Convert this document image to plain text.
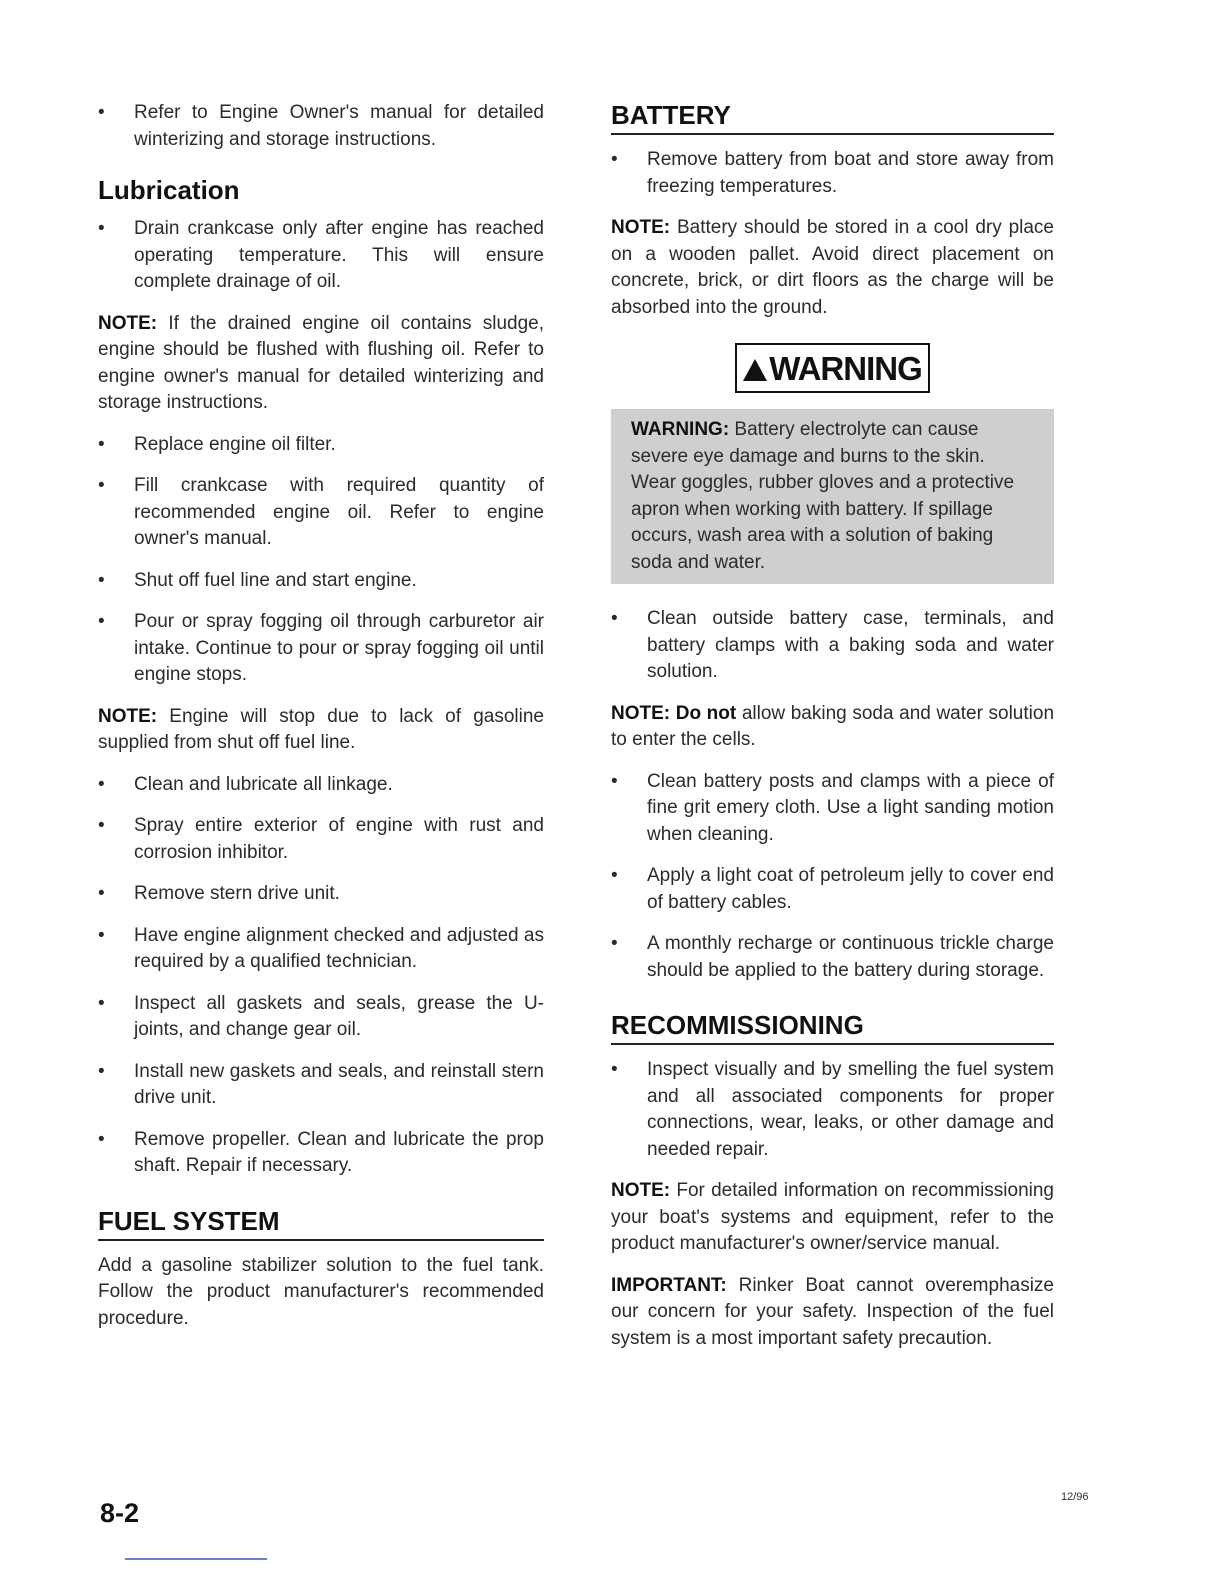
• Refer to Engine Owner's manual for detailed winterizing and storage instructions.
Lubrication
• Drain crankcase only after engine has reached operating temperature. This will ensure complete drainage of oil.

NOTE: If the drained engine oil contains sludge, engine should be flushed with flushing oil. Refer to engine owner's manual for detailed winterizing and storage instructions.

• Replace engine oil filter.
• Fill crankcase with required quantity of recommended engine oil. Refer to engine owner's manual.
• Shut off fuel line and start engine.
• Pour or spray fogging oil through carburetor air intake. Continue to pour or spray fogging oil until engine stops.

NOTE: Engine will stop due to lack of gasoline supplied from shut off fuel line.

• Clean and lubricate all linkage.
• Spray entire exterior of engine with rust and corrosion inhibitor.
• Remove stern drive unit.
• Have engine alignment checked and adjusted as required by a qualified technician.
• Inspect all gaskets and seals, grease the U-joints, and change gear oil.
• Install new gaskets and seals, and reinstall stern drive unit.
• Remove propeller. Clean and lubricate the prop shaft. Repair if necessary.
FUEL SYSTEM

Add a gasoline stabilizer solution to the fuel tank. Follow the product manufacturer's recommended procedure.

BATTERY
• Remove battery from boat and store away from freezing temperatures.

NOTE: Battery should be stored in a cool dry place on a wooden pallet. Avoid direct placement on concrete, brick, or dirt floors as the charge will be absorbed into the ground.

WARNING

WARNING: Battery electrolyte can cause severe eye damage and burns to the skin. Wear goggles, rubber gloves and a protective apron when working with battery. If spillage occurs, wash area with a solution of baking soda and water.

• Clean outside battery case, terminals, and battery clamps with a baking soda and water solution.

NOTE: Do not allow baking soda and water solution to enter the cells.

• Clean battery posts and clamps with a piece of fine grit emery cloth. Use a light sanding motion when cleaning.
• Apply a light coat of petroleum jelly to cover end of battery cables.
• A monthly recharge or continuous trickle charge should be applied to the battery during storage.
RECOMMISSIONING
• Inspect visually and by smelling the fuel system and all associated components for proper connections, wear, leaks, or other damage and needed repair.

NOTE: For detailed information on recommissioning your boat's systems and equipment, refer to the product manufacturer's owner/service manual.

IMPORTANT: Rinker Boat cannot overemphasize our concern for your safety. Inspection of the fuel system is a most important safety precaution.

8-2
12/96
